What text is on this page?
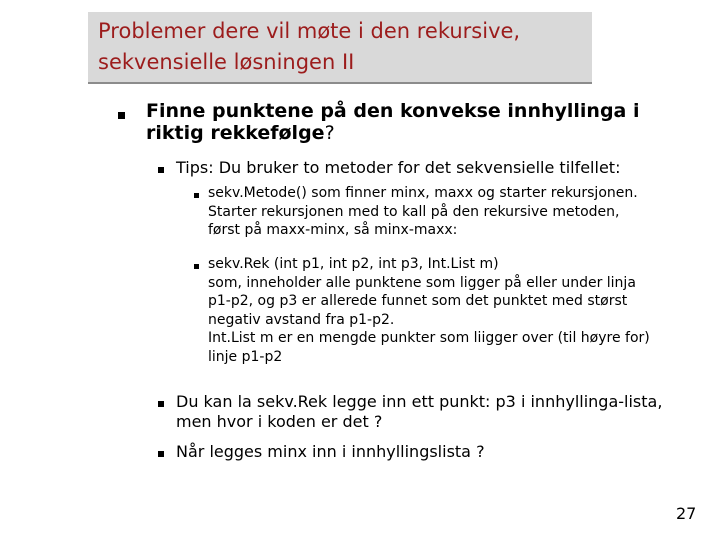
Problemer dere vil møte i den rekursive,
sekvensielle løsningen II
Finne punktene på den konvekse innhyllinga i
riktig rekkefølge?
Tips: Du bruker to metoder for det sekvensielle tilfellet:
sekv.Metode() som finner minx, maxx og starter rekursjonen.
Starter rekursjonen med to kall på den rekursive metoden,
først på maxx-minx, så minx-maxx:
sekv.Rek (int p1, int p2, int p3, Int.List m)
som, inneholder alle punktene som ligger på eller under linja
p1-p2, og p3 er allerede funnet som det punktet med størst
negativ avstand fra p1-p2.
Int.List m er en mengde punkter som liigger over (til høyre for)
linje p1-p2
Du kan la sekv.Rek legge inn ett punkt: p3 i innhyllinga-lista,
men hvor i koden er det ?
Når legges minx inn i innhyllingslista ?
27
